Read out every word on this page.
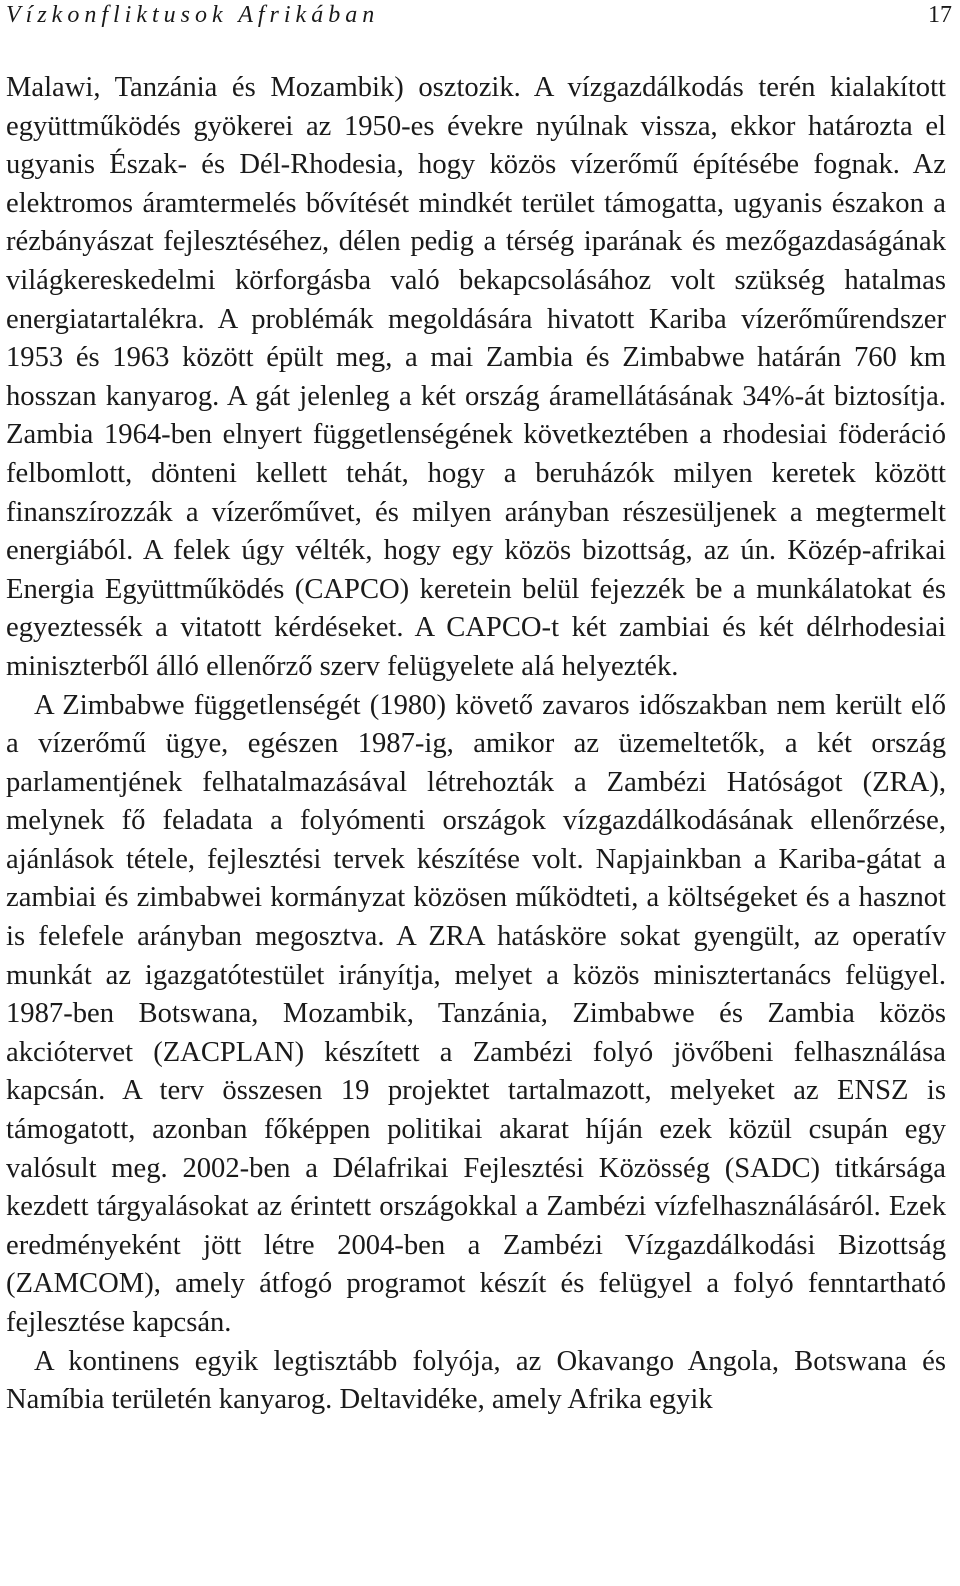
Vízkonfliktusok Afrikában	17

Malawi, Tanzánia és Mozambik) osztozik. A vízgazdálkodás terén kialakított együttműködés gyökerei az 1950-es évekre nyúlnak vissza, ekkor határozta el ugyanis Észak- és Dél-Rhodesia, hogy közös vízerőmű építésébe fognak. Az elektromos áramtermelés bővítését mindkét terület támogatta, ugyanis északon a rézbányászat fejlesztéséhez, délen pedig a térség iparának és mezőgazdaságának világkereskedelmi körforgásba való bekapcsolásához volt szükség hatalmas energiatartalékra. A problémák megoldására hivatott Kariba vízerőműrendszer 1953 és 1963 között épült meg, a mai Zambia és Zimbabwe határán 760 km hosszan kanyarog. A gát jelenleg a két ország áramellátásának 34%-át biztosítja. Zambia 1964-ben elnyert függetlenségének következtében a rhodesiai föderáció felbomlott, dönteni kellett tehát, hogy a beruházók milyen keretek között finanszírozzák a vízerőművet, és milyen arányban részesüljenek a megtermelt energiából. A felek úgy vélték, hogy egy közös bizottság, az ún. Közép-afrikai Energia Együttműködés (CAPCO) keretein belül fejezzék be a munkálatokat és egyeztessék a vitatott kérdéseket. A CAPCO-t két zambiai és két délrhodesiai miniszterből álló ellenőrző szerv felügyelete alá helyezték.

A Zimbabwe függetlenségét (1980) követő zavaros időszakban nem került elő a vízerőmű ügye, egészen 1987-ig, amikor az üzemeltetők, a két ország parlamentjének felhatalmazásával létrehozták a Zambézi Hatóságot (ZRA), melynek fő feladata a folyómenti országok vízgazdálkodásának ellenőrzése, ajánlások tétele, fejlesztési tervek készítése volt. Napjainkban a Kariba-gátat a zambiai és zimbabwei kormányzat közösen működteti, a költségeket és a hasznot is felefele arányban megosztva. A ZRA hatásköre sokat gyengült, az operatív munkát az igazgatótestület irányítja, melyet a közös minisztertanács felügyel. 1987-ben Botswana, Mozambik, Tanzánia, Zimbabwe és Zambia közös akciótervet (ZACPLAN) készített a Zambézi folyó jövőbeni felhasználása kapcsán. A terv összesen 19 projektet tartalmazott, melyeket az ENSZ is támogatott, azonban főképpen politikai akarat híján ezek közül csupán egy valósult meg. 2002-ben a Délafrikai Fejlesztési Közösség (SADC) titkársága kezdett tárgyalásokat az érintett országokkal a Zambézi vízfelhasználásáról. Ezek eredményeként jött létre 2004-ben a Zambézi Vízgazdálkodási Bizottság (ZAMCOM), amely átfogó programot készít és felügyel a folyó fenntartható fejlesztése kapcsán.

A kontinens egyik legtisztább folyója, az Okavango Angola, Botswana és Namíbia területén kanyarog. Deltavidéke, amely Afrika egyik
